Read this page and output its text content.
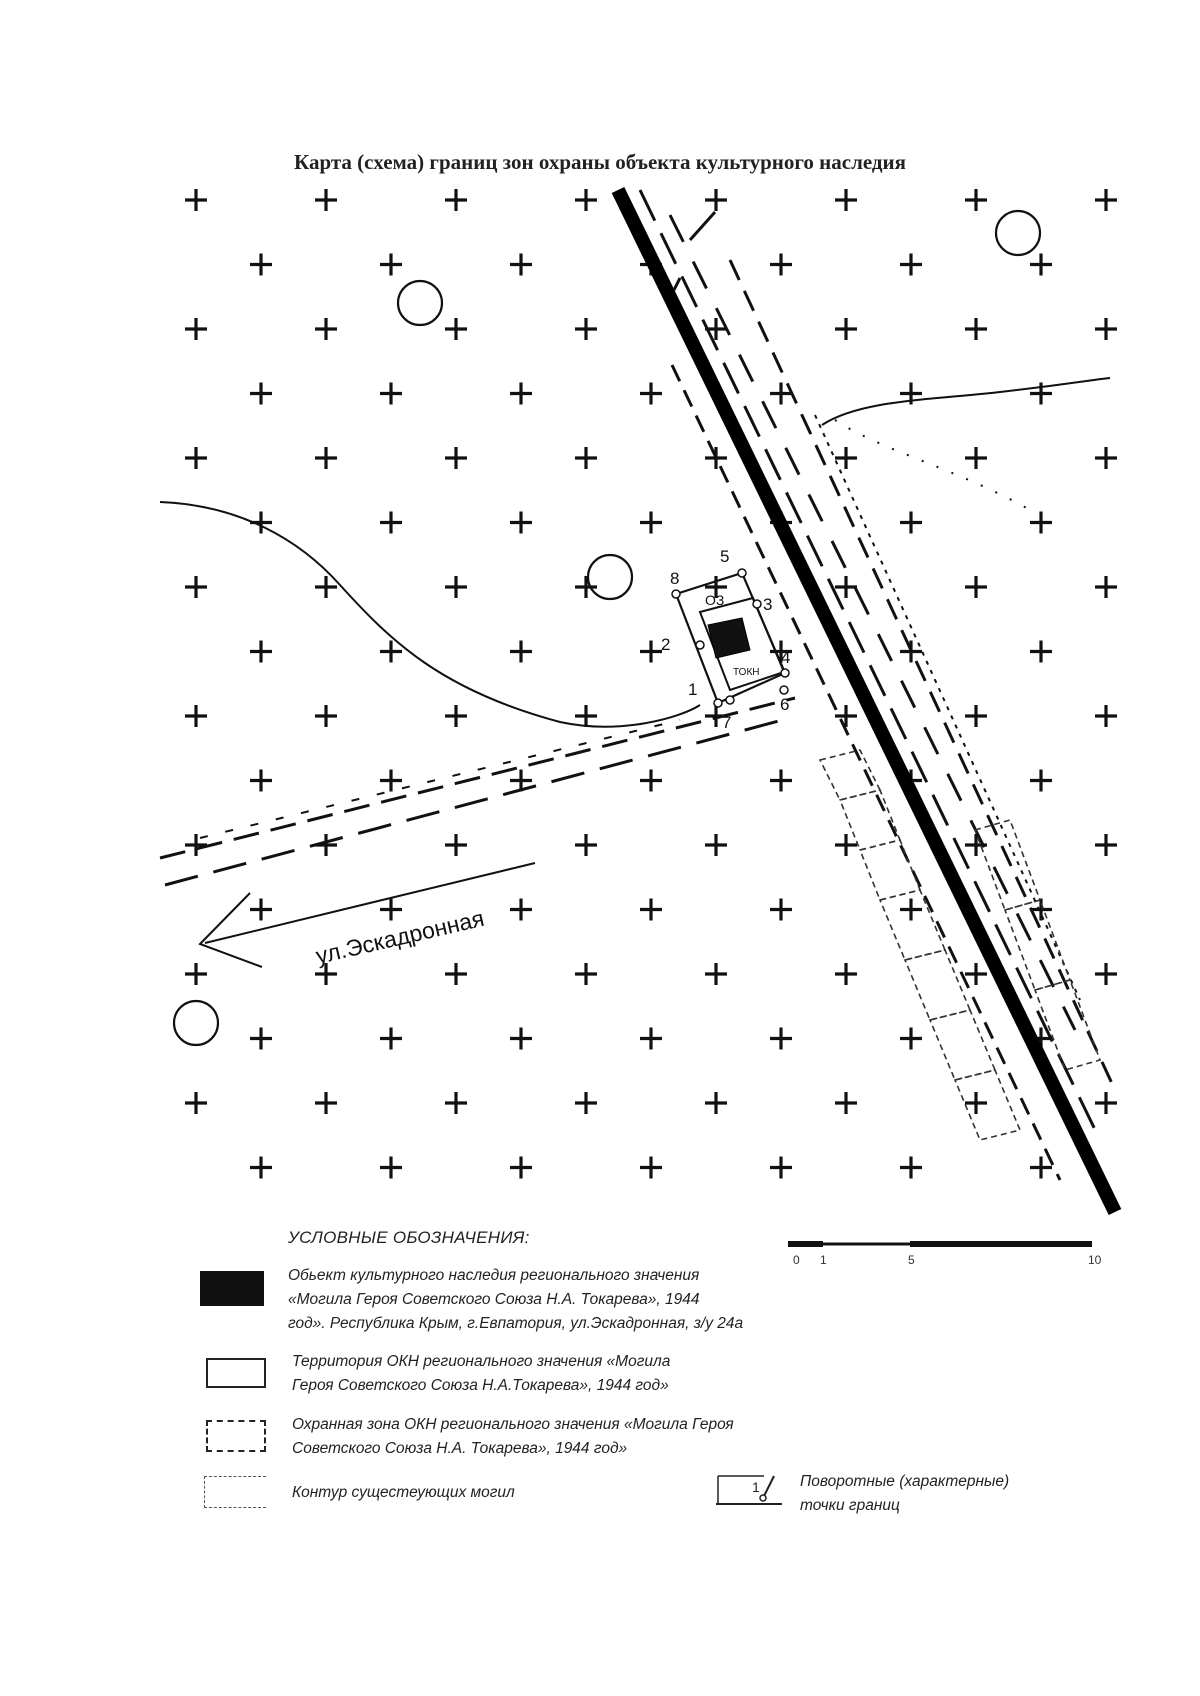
Карта (схема) границ зон охраны объекта культурного наследия
1
2
3
4
5
6
7
8
ОЗ
ТОКН
ул.Эскадронная
0 1	5	10
УСЛОВНЫЕ ОБОЗНАЧЕНИЯ:
Обьект культурного наследия регионального значения
«Могила Героя Советского Союза Н.А. Токарева», 1944
год». Республика Крым, г.Евпатория, ул.Эскадронная, з/у 24а
Территория ОКН регионального значения «Могила
Героя Советского Союза Н.А.Токарева», 1944 год»
Охранная зона ОКН регионального значения «Могила Героя
Советского Союза Н.А. Токарева», 1944 год»
Контур сущестеующих могил	1	Поворотные (характерные)
точки границ
